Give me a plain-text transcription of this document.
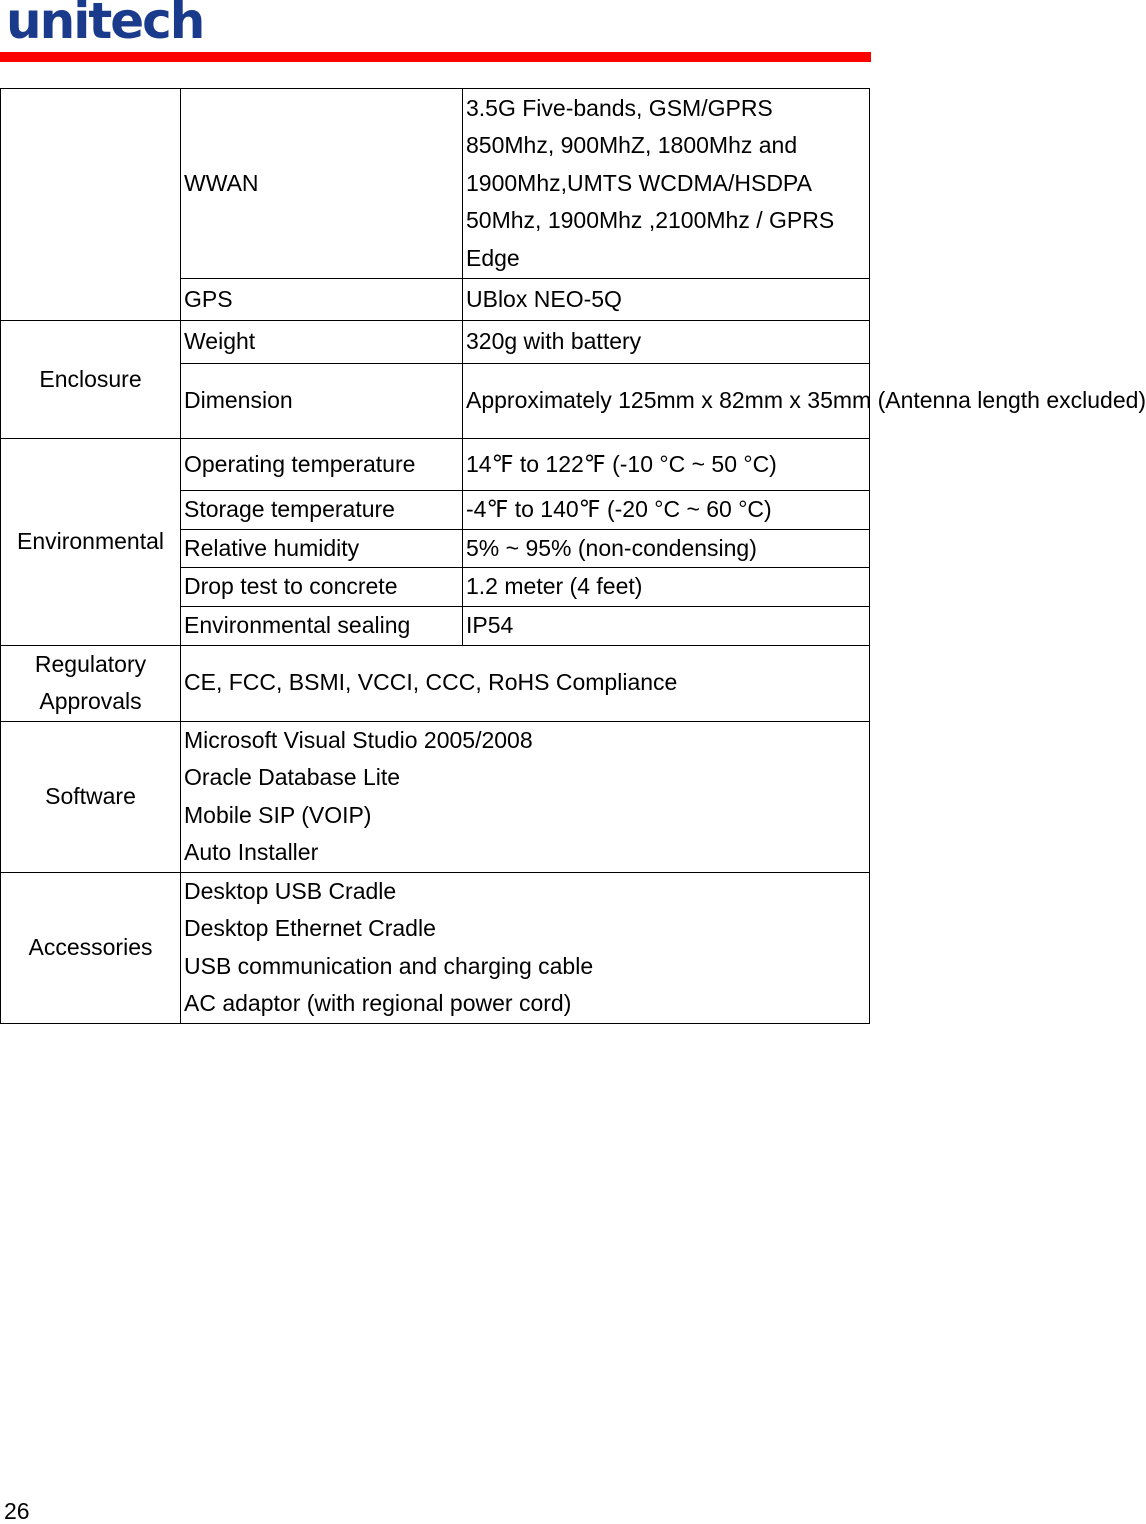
unitech
	WWAN	3.5G Five-bands, GSM/GPRS
850Mhz, 900MhZ, 1800Mhz and
1900Mhz,UMTS WCDMA/HSDPA
50Mhz, 1900Mhz ,2100Mhz / GPRS
Edge

	GPS	UBlox NEO-5Q
Enclosure	Weight	320g with battery
	Dimension	Approximately 125mm x 82mm x 35mm (Antenna length excluded)
Environmental	Operating temperature	14℉ to 122℉ (-10 °C ~ 50 °C)
	Storage temperature	-4℉ to 140℉ (-20 °C ~ 60 °C)
	Relative humidity	5% ~ 95% (non-condensing)
	Drop test to concrete	1.2 meter (4 feet)
	Environmental sealing	IP54

Regulatory
Approvals	CE, FCC, BSMI, VCCI, CCC, RoHS Compliance	
Software	Microsoft Visual Studio 2005/2008
Oracle Database Lite
Mobile SIP (VOIP)
Auto Installer	

Accessories	Desktop USB Cradle
Desktop Ethernet Cradle
USB communication and charging cable
AC adaptor (with regional power cord)	
26
